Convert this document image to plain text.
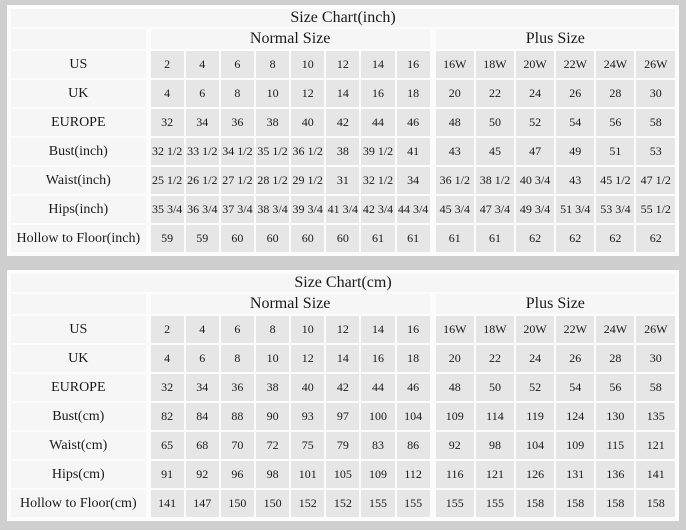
Size Chart(inch)																
		Normal Size									Plus Size					
US		2	4	6	8	10	12	14	16		16W	18W	20W	22W	24W	26W
UK		4	6	8	10	12	14	16	18		20	22	24	26	28	30
EUROPE		32	34	36	38	40	42	44	46		48	50	52	54	56	58
Bust(inch)		32 1/2	33 1/2	34 1/2	35 1/2	36 1/2	38	39 1/2	41		43	45	47	49	51	53
Waist(inch)		25 1/2	26 1/2	27 1/2	28 1/2	29 1/2	31	32 1/2	34		36 1/2	38 1/2	40 3/4	43	45 1/2	47 1/2
Hips(inch)		35 3/4	36 3/4	37 3/4	38 3/4	39 3/4	41 3/4	42 3/4	44 3/4		45 3/4	47 3/4	49 3/4	51 3/4	53 3/4	55 1/2
Hollow to Floor(inch)		59	59	60	60	60	60	61	61		61	61	62	62	62	62
Size Chart(cm)																
		Normal Size									Plus Size					
US		2	4	6	8	10	12	14	16		16W	18W	20W	22W	24W	26W
UK		4	6	8	10	12	14	16	18		20	22	24	26	28	30
EUROPE		32	34	36	38	40	42	44	46		48	50	52	54	56	58
Bust(cm)		82	84	88	90	93	97	100	104		109	114	119	124	130	135
Waist(cm)		65	68	70	72	75	79	83	86		92	98	104	109	115	121
Hips(cm)		91	92	96	98	101	105	109	112		116	121	126	131	136	141
Hollow to Floor(cm)		141	147	150	150	152	152	155	155		155	155	158	158	158	158
